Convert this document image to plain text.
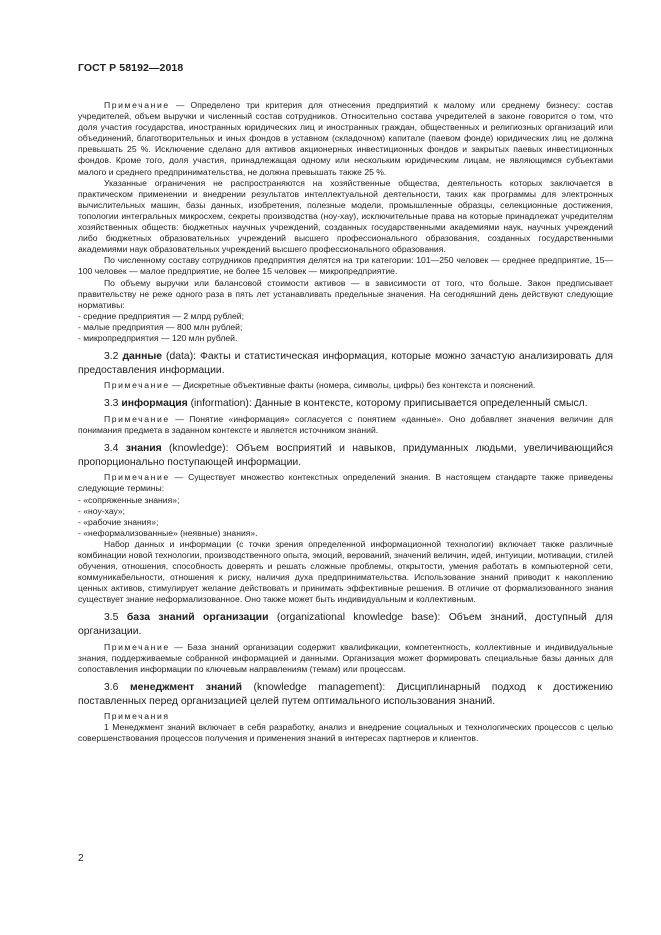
ГОСТ Р 58192—2018

Примечание — Определено три критерия для отнесения предприятий к малому или среднему бизнесу: состав учредителей, объем выручки и численный состав сотрудников. Относительно состава учредителей в законе говорится о том, что доля участия государства, иностранных юридических лиц и иностранных граждан, общественных и религиозных организаций или объединений, благотворительных и иных фондов в уставном (складочном) капитале (паевом фонде) юридических лиц не должна превышать 25 %. Исключение сделано для активов акционерных инвестиционных фондов и закрытых паевых инвестиционных фондов. Кроме того, доля участия, принадлежащая одному или нескольким юридическим лицам, не являющимся субъектами малого и среднего предпринимательства, не должна превышать также 25 %.

Указанные ограничения не распространяются на хозяйственные общества, деятельность которых заключается в практическом применении и внедрении результатов интеллектуальной деятельности, таких как программы для электронных вычислительных машин, базы данных, изобретения, полезные модели, промышленные образцы, селекционные достижения, топологии интегральных микросхем, секреты производства (ноу-хау), исключительные права на которые принадлежат учредителям хозяйственных обществ: бюджетных научных учреждений, созданных государственными академиями наук, научных учреждений либо бюджетных образовательных учреждений высшего профессионального образования, созданных государственными академиями наук образовательных учреждений высшего профессионального образования.

По численному составу сотрудников предприятия делятся на три категории: 101—250 человек — среднее предприятие, 15—100 человек — малое предприятие, не более 15 человек — микропредприятие.

По объему выручки или балансовой стоимости активов — в зависимости от того, что больше. Закон предписывает правительству не реже одного раза в пять лет устанавливать предельные значения. На сегодняшний день действуют следующие нормативы:

- средние предприятия — 2 млрд рублей;

- малые предприятия — 800 млн рублей;

- микропредприятия — 120 млн рублей.

3.2 данные (data): Факты и статистическая информация, которые можно зачастую анализировать для предоставления информации.

Примечание — Дискретные объективные факты (номера, символы, цифры) без контекста и пояснений.

3.3 информация (information): Данные в контексте, которому приписывается определенный смысл.

Примечание — Понятие «информация» согласуется с понятием «данные». Оно добавляет значения величин для понимания предмета в заданном контексте и является источником знаний.

3.4 знания (knowledge): Объем восприятий и навыков, придуманных людьми, увеличивающийся пропорционально поступающей информации.

Примечание — Существует множество контекстных определений знания. В настоящем стандарте также приведены следующие термины:

- «сопряженные знания»;

- «ноу-хау»;

- «рабочие знания»;

- «неформализованные» (неявные) знания».

Набор данных и информации (с точки зрения определенной информационной технологии) включает также различные комбинации новой технологии, производственного опыта, эмоций, верований, значений величин, идей, интуиции, мотивации, стилей обучения, отношения, способность доверять и решать сложные проблемы, открытости, умения работать в компьютерной сети, коммуникабельности, отношения к риску, наличия духа предпринимательства. Использование знаний приводит к накоплению ценных активов, стимулирует желание действовать и принимать эффективные решения. В отличие от формализованного знания существует знание неформализованное. Оно также может быть индивидуальным и коллективным.

3.5 база знаний организации (organizational knowledge base): Объем знаний, доступный для организации.

Примечание — База знаний организации содержит квалификации, компетентность, коллективные и индивидуальные знания, поддерживаемые собранной информацией и данными. Организация может формировать специальные базы данных для сопоставления информации по ключевым направлениям (темам) или процессам.

3.6 менеджмент знаний (knowledge management): Дисциплинарный подход к достижению поставленных перед организацией целей путем оптимального использования знаний.

Примечания

1 Менеджмент знаний включает в себя разработку, анализ и внедрение социальных и технологических процессов с целью совершенствования процессов получения и применения знаний в интересах партнеров и клиентов.

2
